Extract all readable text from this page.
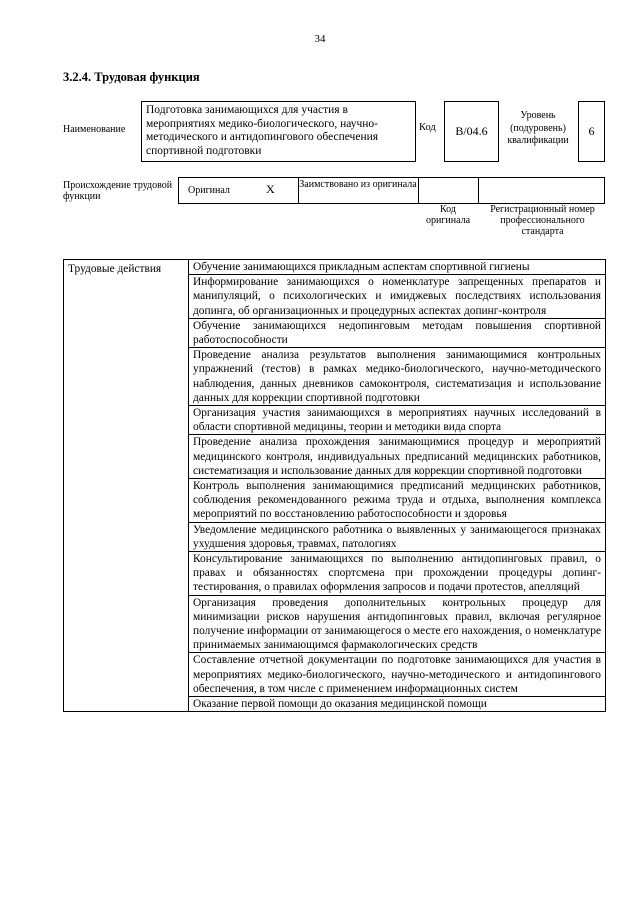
34
3.2.4. Трудовая функция
Наименование
Подготовка занимающихся для участия в мероприятиях медико-биологического, научно-методического и антидопингового обеспечения спортивной подготовки
Код	B/04.6
Уровень (подуровень) квалификации
6
Происхождение трудовой функции
Оригинал	X Заимствовано из оригинала
Код оригинала
Регистрационный номер профессионального стандарта
Трудовые действия	Обучение занимающихся прикладным аспектам спортивной гигиены
Информирование занимающихся о номенклатуре запрещенных препаратов и манипуляций, о психологических и имиджевых последствиях использования допинга, об организационных и процедурных аспектах допинг-контроля
Обучение занимающихся недопинговым методам повышения спортивной работоспособности
Проведение анализа результатов выполнения занимающимися контрольных упражнений (тестов) в рамках медико-биологического, научно-методического наблюдения, данных дневников самоконтроля, систематизация и использование данных для коррекции спортивной подготовки
Организация участия занимающихся в мероприятиях научных исследований в области спортивной медицины, теории и методики вида спорта
Проведение анализа прохождения занимающимися процедур и мероприятий медицинского контроля, индивидуальных предписаний медицинских работников, систематизация и использование данных для коррекции спортивной подготовки
Контроль выполнения занимающимися предписаний медицинских работников, соблюдения рекомендованного режима труда и отдыха, выполнения комплекса мероприятий по восстановлению работоспособности и здоровья
Уведомление медицинского работника о выявленных у занимающегося признаках ухудшения здоровья, травмах, патологиях
Консультирование занимающихся по выполнению антидопинговых правил, о правах и обязанностях спортсмена при прохождении процедуры допинг-тестирования, о правилах оформления запросов и подачи протестов, апелляций
Организация проведения дополнительных контрольных процедур для минимизации рисков нарушения антидопинговых правил, включая регулярное получение информации от занимающегося о месте его нахождения, о номенклатуре принимаемых занимающимся фармакологических средств
Составление отчетной документации по подготовке занимающихся для участия в мероприятиях медико-биологического, научно-методического и антидопингового обеспечения, в том числе с применением информационных систем
Оказание первой помощи до оказания медицинской помощи
